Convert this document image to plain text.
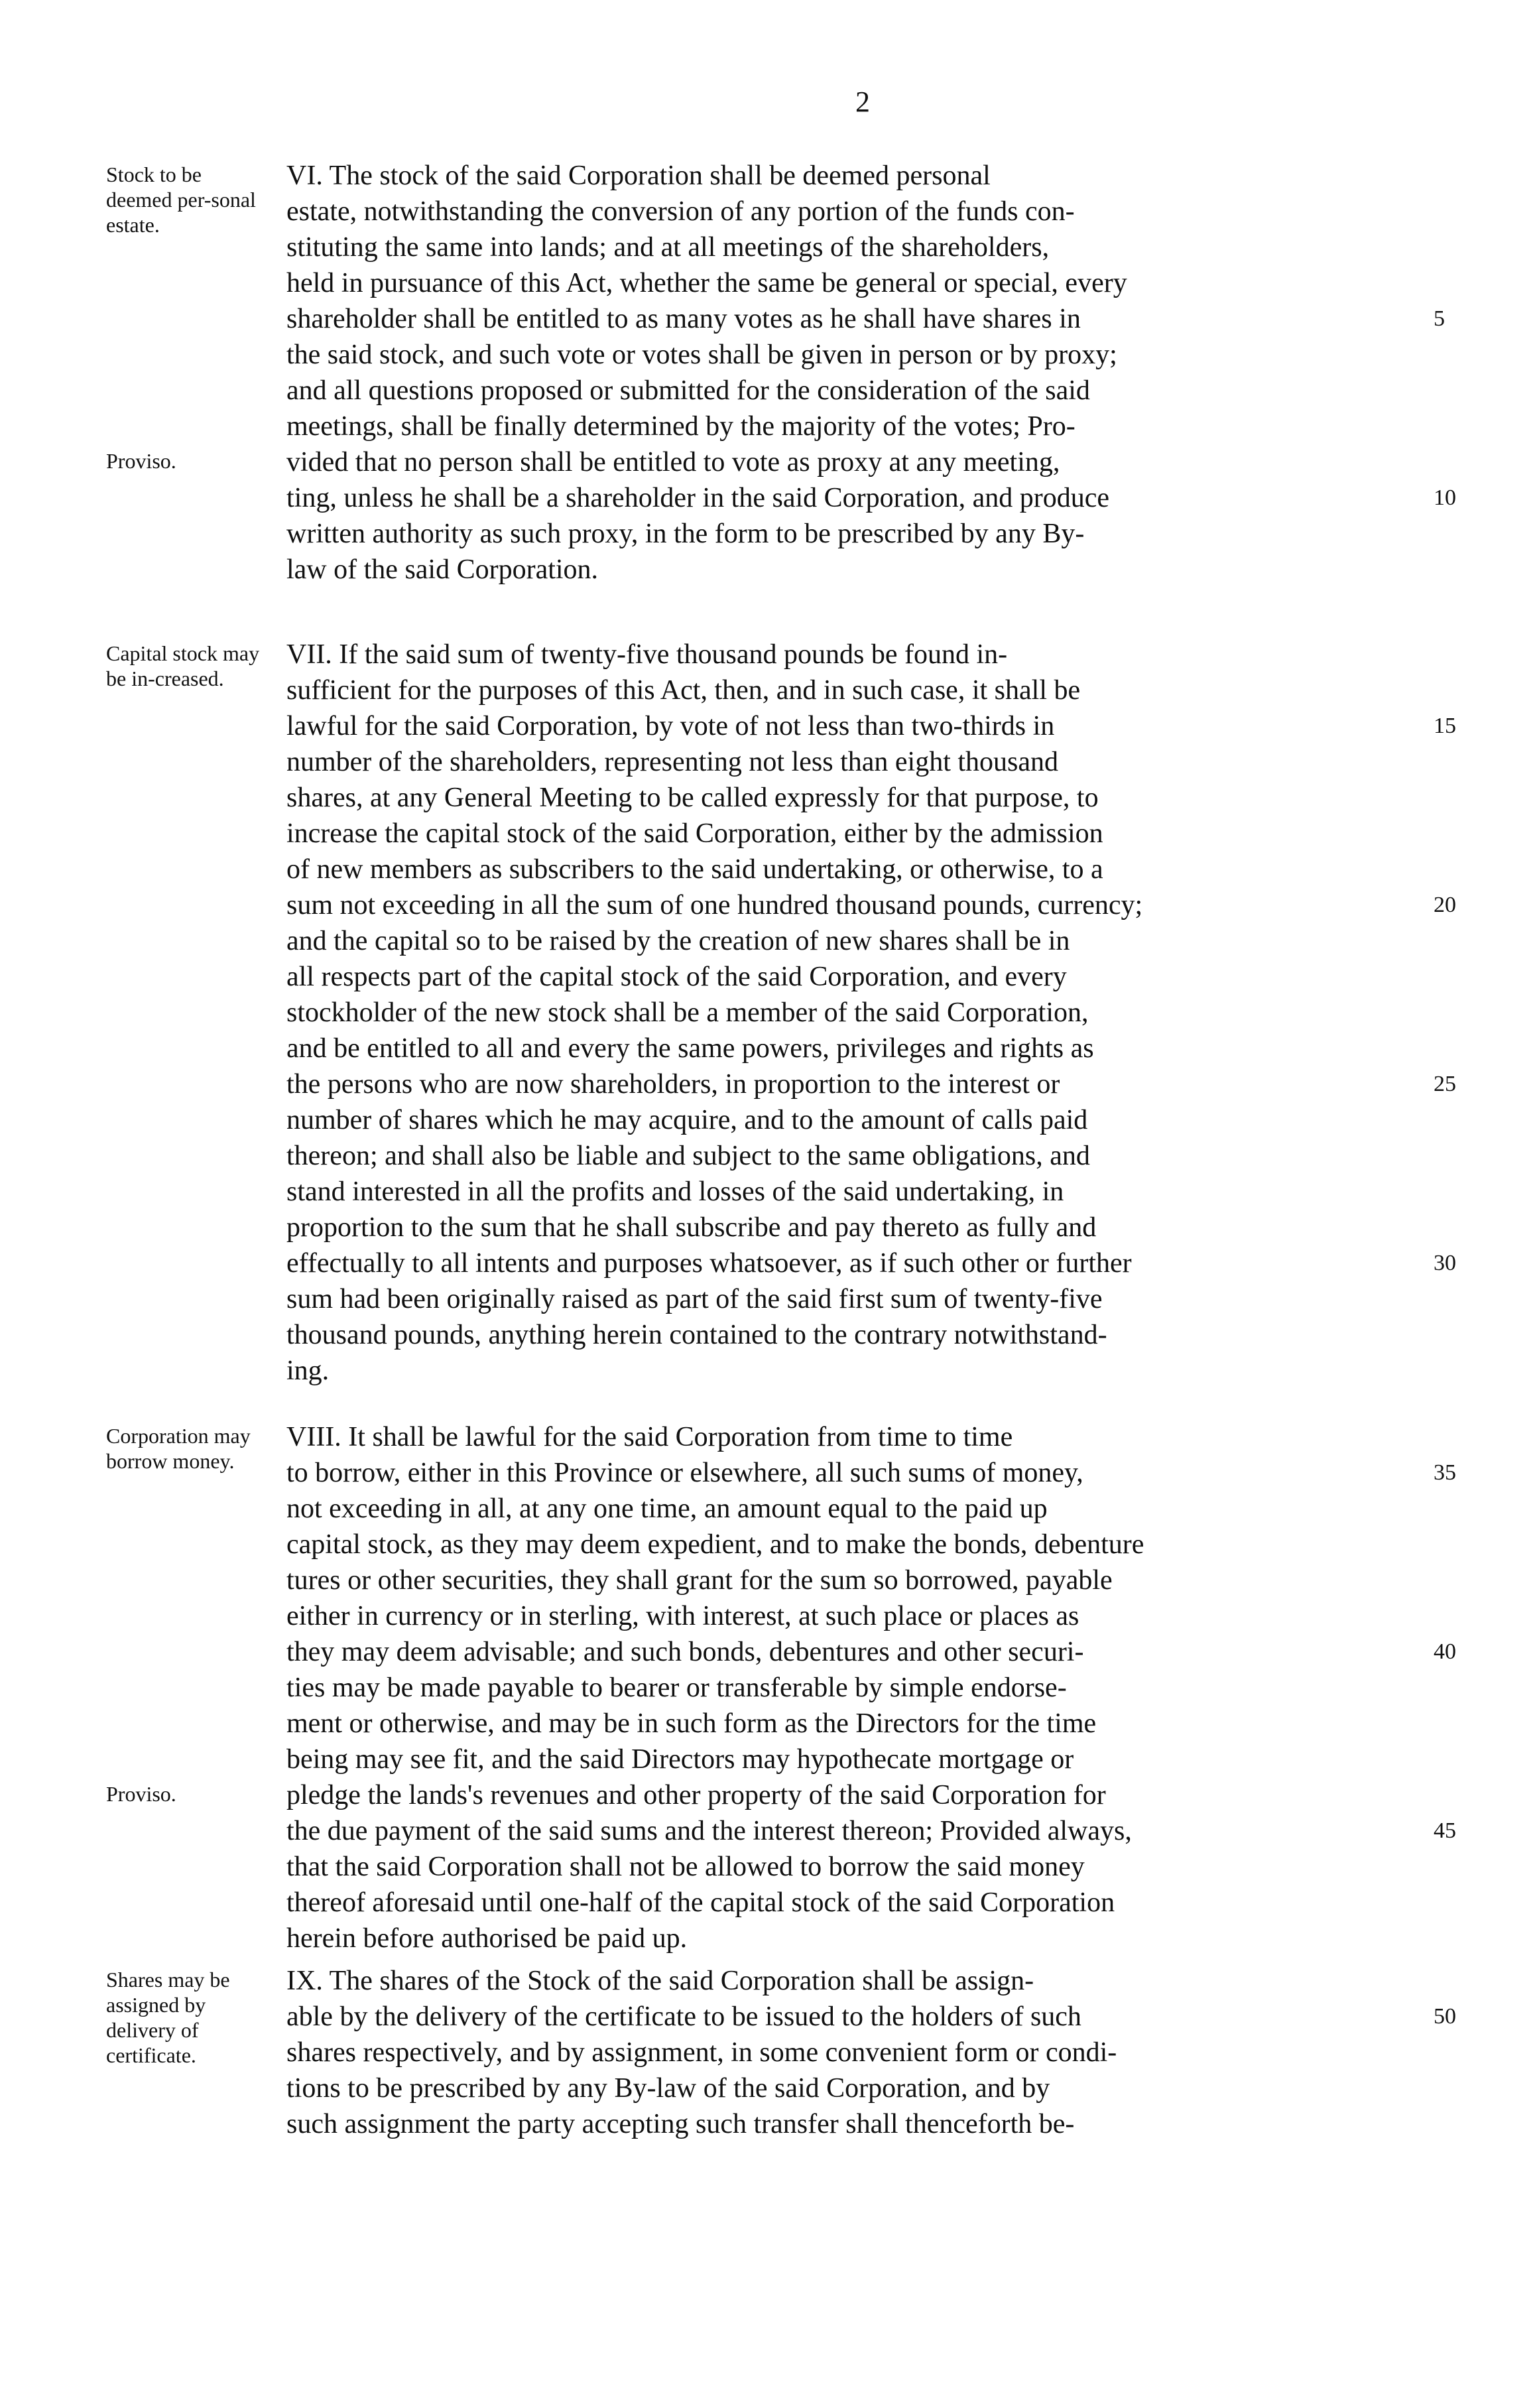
2
VI. The stock of the said Corporation shall be deemed personal
estate, notwithstanding the conversion of any portion of the funds con-
stituting the same into lands; and at all meetings of the shareholders,
held in pursuance of this Act, whether the same be general or special, every
shareholder shall be entitled to as many votes as he shall have shares in
the said stock, and such vote or votes shall be given in person or by proxy;
and all questions proposed or submitted for the consideration of the said
meetings, shall be finally determined by the majority of the votes; Pro-
vided that no person shall be entitled to vote as proxy at any meeting,
ting, unless he shall be a shareholder in the said Corporation, and produce
written authority as such proxy, in the form to be prescribed by any By-
law of the said Corporation.
Stock to be deemed per-sonal estate.
Proviso.
5
10
VII. If the said sum of twenty-five thousand pounds be found in-
sufficient for the purposes of this Act, then, and in such case, it shall be
lawful for the said Corporation, by vote of not less than two-thirds in
number of the shareholders, representing not less than eight thousand
shares, at any General Meeting to be called expressly for that purpose, to
increase the capital stock of the said Corporation, either by the admission
of new members as subscribers to the said undertaking, or otherwise, to a
sum not exceeding in all the sum of one hundred thousand pounds, currency;
and the capital so to be raised by the creation of new shares shall be in
all respects part of the capital stock of the said Corporation, and every
stockholder of the new stock shall be a member of the said Corporation,
and be entitled to all and every the same powers, privileges and rights as
the persons who are now shareholders, in proportion to the interest or
number of shares which he may acquire, and to the amount of calls paid
thereon; and shall also be liable and subject to the same obligations, and
stand interested in all the profits and losses of the said undertaking, in
proportion to the sum that he shall subscribe and pay thereto as fully and
effectually to all intents and purposes whatsoever, as if such other or further
sum had been originally raised as part of the said first sum of twenty-five
thousand pounds, anything herein contained to the contrary notwithstand-
ing.
Capital stock may be in-creased.
15
20
25
30
VIII. It shall be lawful for the said Corporation from time to time
to borrow, either in this Province or elsewhere, all such sums of money,
not exceeding in all, at any one time, an amount equal to the paid up
capital stock, as they may deem expedient, and to make the bonds, debenture
tures or other securities, they shall grant for the sum so borrowed, payable
either in currency or in sterling, with interest, at such place or places as
they may deem advisable; and such bonds, debentures and other securi-
ties may be made payable to bearer or transferable by simple endorse-
ment or otherwise, and may be in such form as the Directors for the time
being may see fit, and the said Directors may hypothecate mortgage or
pledge the lands's revenues and other property of the said Corporation for
the due payment of the said sums and the interest thereon; Provided always,
that the said Corporation shall not be allowed to borrow the said money
thereof aforesaid until one-half of the capital stock of the said Corporation
herein before authorised be paid up.
Corporation may borrow money.
Proviso.
35
40
45
IX. The shares of the Stock of the said Corporation shall be assign-
able by the delivery of the certificate to be issued to the holders of such
shares respectively, and by assignment, in some convenient form or condi-
tions to be prescribed by any By-law of the said Corporation, and by
such assignment the party accepting such transfer shall thenceforth be-
Shares may be assigned by delivery of certificate.
50
